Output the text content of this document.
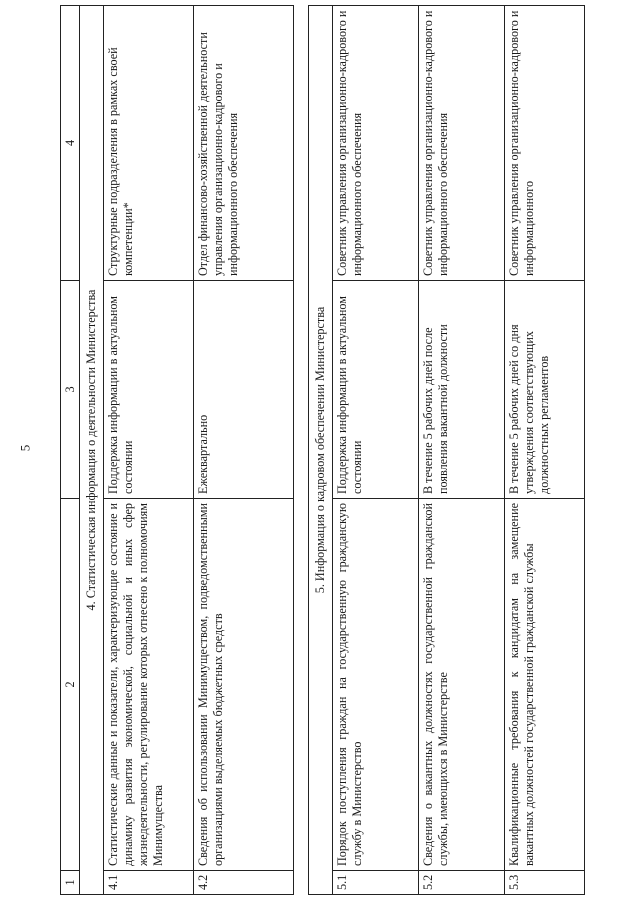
5
1	2	3	4
4. Статистическая информация о деятельности Министерства			
4.1	Статистические данные и показатели, характеризующие состояние и динамику развития экономической, социальной и иных сфер жизнедеятельности, регулирование которых отнесено к полномочиям Минимущества	Поддержка информации в актуальном состоянии	Структурные подразделения в рамках своей компетенции*
4.2	Сведения об использовании Минимуществом, подведомственными организациями выделяемых бюджетных средств	Ежеквартально	Отдел финансово-хозяйственной деятельности управления организационно-кадрового и информационного обеспечения

5. Информация о кадровом обеспечении Министерства			
5.1	Порядок поступления граждан на государственную гражданскую службу в Министерство	Поддержка информации в актуальном состоянии	Советник управления организационно-кадрового и информационного обеспечения
5.2	Сведения о вакантных должностях государственной гражданской службы, имеющихся в Министерстве	В течение 5 рабочих дней после появления вакантной должности	Советник управления организационно-кадрового и информационного обеспечения
5.3	Квалификационные требования к кандидатам на замещение вакантных должностей государственной гражданской службы	В течение 5 рабочих дней со дня утверждения соответствующих должностных регламентов	Советник управления организационно-кадрового и информационного
